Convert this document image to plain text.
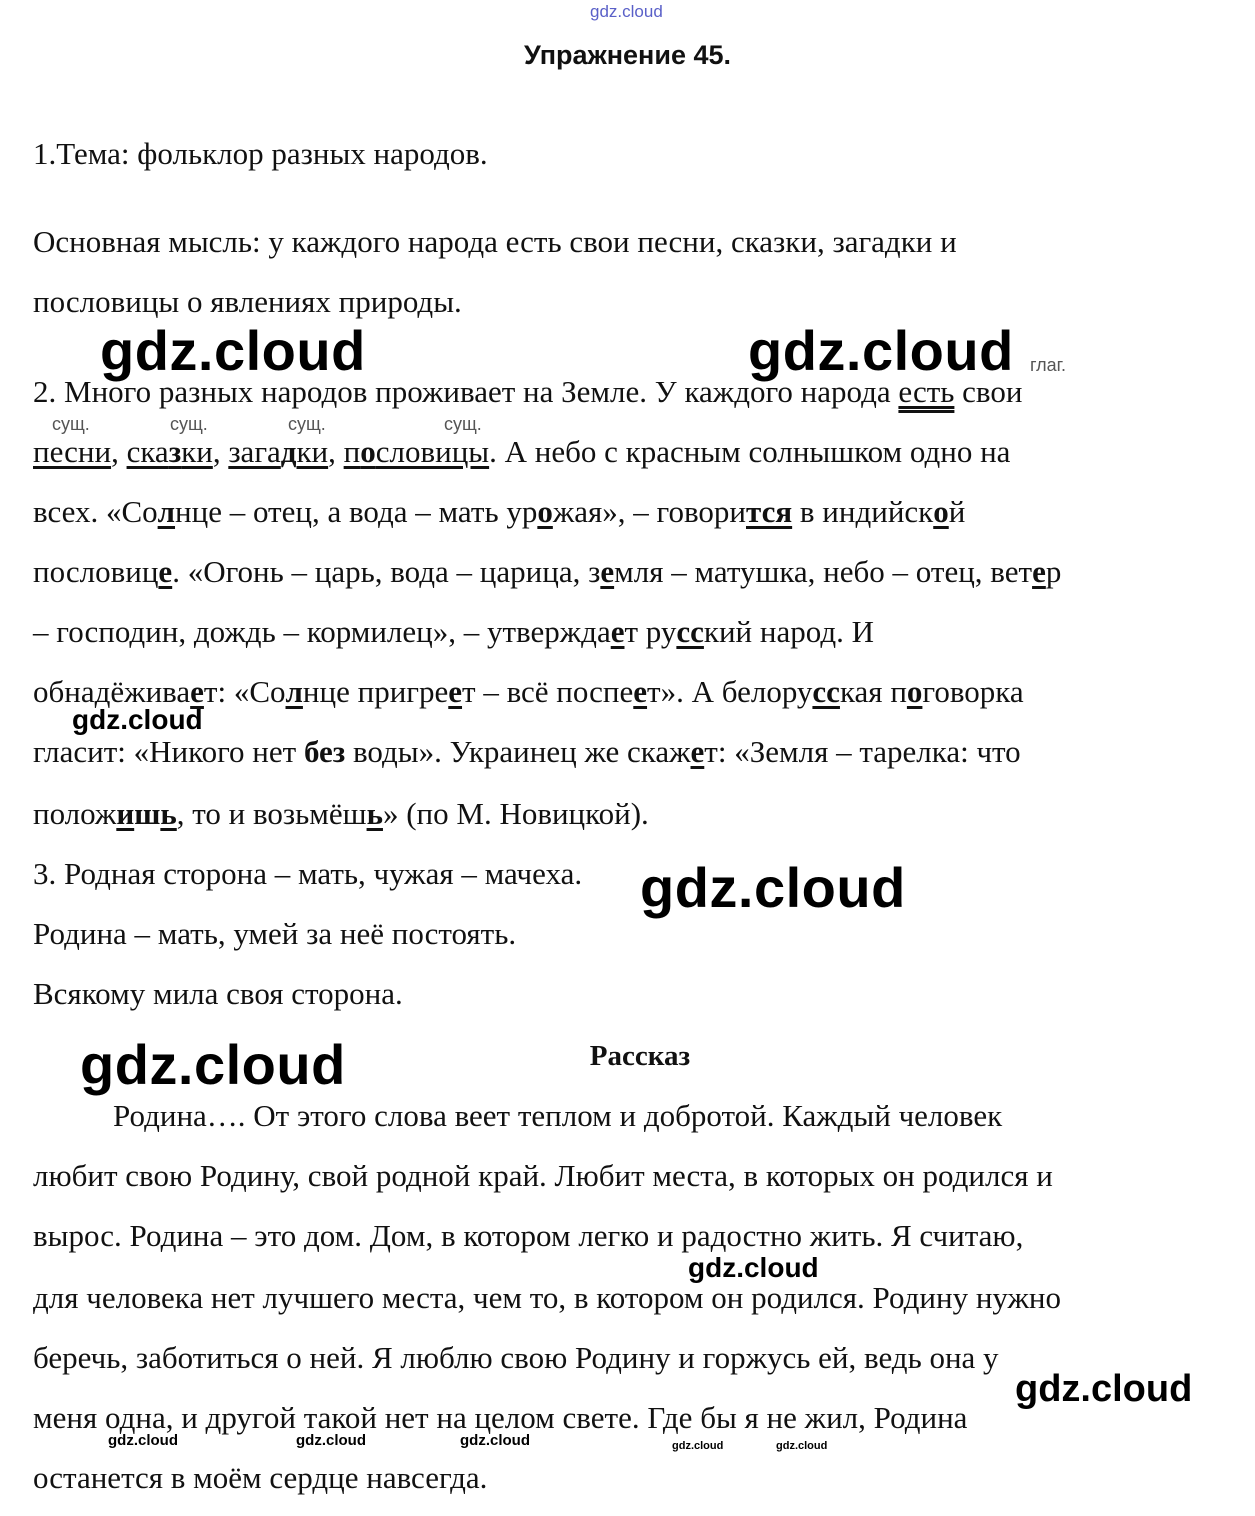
gdz.cloud
Упражнение 45.
1.Тема: фольклор разных народов.
Основная мысль: у каждого народа есть свои песни, сказки, загадки и
пословицы о явлениях природы.
глаг.
сущ.	сущ.	сущ.	сущ.
2. Много разных народов проживает на Земле. У каждого народа есть свои
песни, сказки, загадки, пословицы. А небо с красным солнышком одно на
всех. «Солнце – отец, а вода – мать урожая», – говорится в индийской
пословице. «Огонь – царь, вода – царица, земля – матушка, небо – отец, ветер
– господин, дождь – кормилец», – утверждает русский народ. И
обнадёживает: «Солнце пригреет – всё поспеет». А белорусская поговорка
гласит: «Никого нет без воды». Украинец же скажет: «Земля – тарелка: что
положишь, то и возьмёшь» (по М. Новицкой).
3. Родная сторона – мать, чужая – мачеха.
Родина – мать, умей за неё постоять.
Всякому мила своя сторона.
Рассказ
Родина…. От этого слова веет теплом и добротой. Каждый человек
любит свою Родину, свой родной край. Любит места, в которых он родился и
вырос. Родина – это дом. Дом, в котором легко и радостно жить. Я считаю,
для человека нет лучшего места, чем то, в котором он родился. Родину нужно
беречь, заботиться о ней. Я люблю свою Родину и горжусь ей, ведь она у
меня одна, и другой такой нет на целом свете. Где бы я не жил, Родина
останется в моём сердце навсегда.
gdz.cloud	gdz.cloud
gdz.cloud
gdz.cloud
gdz.cloud
gdz.cloud
gdz.cloud
gdz.cloud	gdz.cloud	gdz.cloud	gdz.cloud	gdz.cloud
